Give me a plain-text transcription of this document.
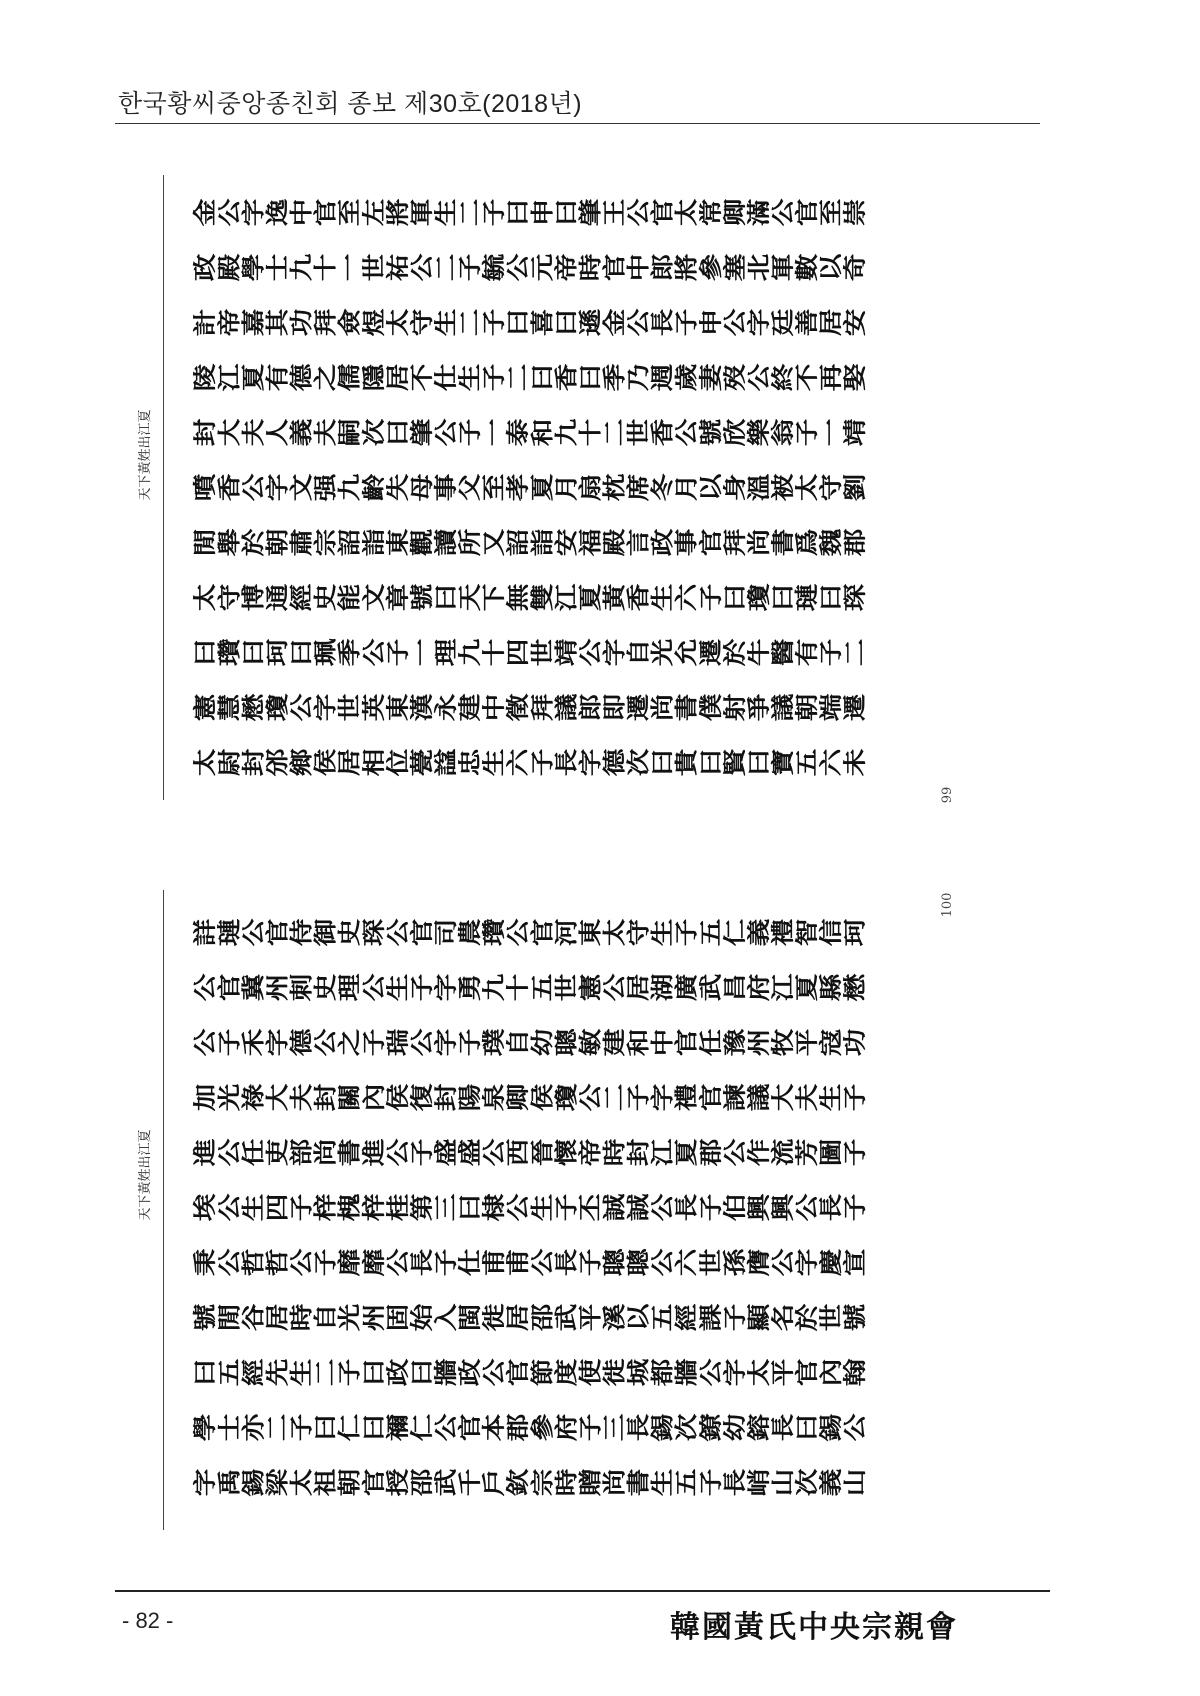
한국황씨중앙종친회 종보 제30호(2018년)
天下黃姓出江夏
99
金公字逸中官至左將軍生二子曰申曰肇王公官太常卿滿公官至崇
政殿學士九十一世祐公二子毓公元帝時官中郎將參塞北軍數以奇
計帝嘉其功拜僉煜太守生二子曰喜曰遜金公長子申公字廷善居安
陵江夏有德之儒隱居不仕生子二曰香曰季乃週歲妻歿公終不再娶
封大夫人義夫嗣次曰肇公子一泰和九十二世香公號欣樂翁子一靖
噴香公字文强九齡失母事父至孝夏月扇枕席冬月以身溫被太守劉
閒舉於朝肅宗詔詣東觀讀所又詔詣安福殿言政事官拜尚書爲魏郡
太守博通經史能文章號曰天下無雙江夏黃香生六子曰瓊曰璉曰琛
曰瓚曰珂曰珮季公子一理九十四世靖公字自光允遷於牛醫有子二
憲慧懋瓊公字世英東漢永建中徵拜議郎即遷尚書僕射爭議朝端遷
太尉封邠鄉侯居相位甍諡忠生六子長字德次曰貴曰賢曰寶五六未
天下黃姓出江夏
100
詳璉公官侍御史琛公官司農瓚公官河東太守生子五仁義禮智信珂
公官冀州刺史理公生子字勇九十五世憲公居湖廣武昌府江夏縣懋
公子禾字德公之子瑞公字子璞自幼聰敏建和中官任豫州牧平寇功
加光祿大夫封關內侯復封陽泉卿侯瓊公二子字禮官諫議大夫生子
進公任吏部尚書進公子盛盛公西晉懷帝時封江夏郡公作流芳圖子
埃公生四子梓槐梓桂第三曰棣公生子丕誠誠公長子伯興興公長子
秉公哲哲公子靡靡公長子仕甫甫公長子聰聰公六世孫膺公字慶宣
號閒谷居時自光州固始入閩徙居邵武平溪以五經課子顯名於世號
曰五經先生二子曰政曰牆政公官節度使徙城都牆公字太平官內翰
學士亦二子曰仁曰禰仁公官本郡參府子三長錫次鐐幼鎔長曰錫公
字禹錫梁太祖朝官授邵武千戶欽宗時贈尚書生五子長峭山次義山
- 82 -	韓國黃氏中央宗親會
